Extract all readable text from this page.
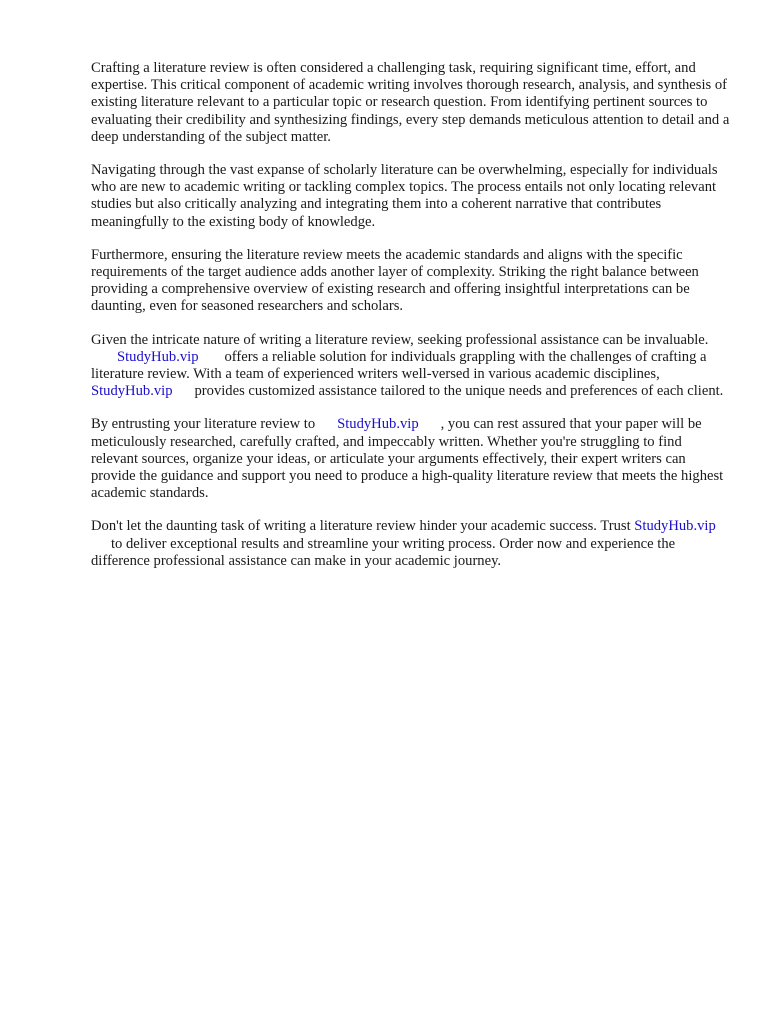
Crafting a literature review is often considered a challenging task, requiring significant time, effort, and expertise. This critical component of academic writing involves thorough research, analysis, and synthesis of existing literature relevant to a particular topic or research question. From identifying pertinent sources to evaluating their credibility and synthesizing findings, every step demands meticulous attention to detail and a deep understanding of the subject matter.

Navigating through the vast expanse of scholarly literature can be overwhelming, especially for individuals who are new to academic writing or tackling complex topics. The process entails not only locating relevant studies but also critically analyzing and integrating them into a coherent narrative that contributes meaningfully to the existing body of knowledge.

Furthermore, ensuring the literature review meets the academic standards and aligns with the specific requirements of the target audience adds another layer of complexity. Striking the right balance between providing a comprehensive overview of existing research and offering insightful interpretations can be daunting, even for seasoned researchers and scholars.

Given the intricate nature of writing a literature review, seeking professional assistance can be invaluable.StudyHub.vip offers a reliable solution for individuals grappling with the challenges of crafting a literature review. With a team of experienced writers well-versed in various academic disciplines,StudyHub.vip provides customized assistance tailored to the unique needs and preferences of each client.

By entrusting your literature review to StudyHub.vip , you can rest assured that your paper will be meticulously researched, carefully crafted, and impeccably written. Whether you're struggling to find relevant sources, organize your ideas, or articulate your arguments effectively, their expert writers can provide the guidance and support you need to produce a high-quality literature review that meets the highest academic standards.

Don't let the daunting task of writing a literature review hinder your academic success. Trust StudyHub.vipto deliver exceptional results and streamline your writing process. Order now and experience the difference professional assistance can make in your academic journey.
